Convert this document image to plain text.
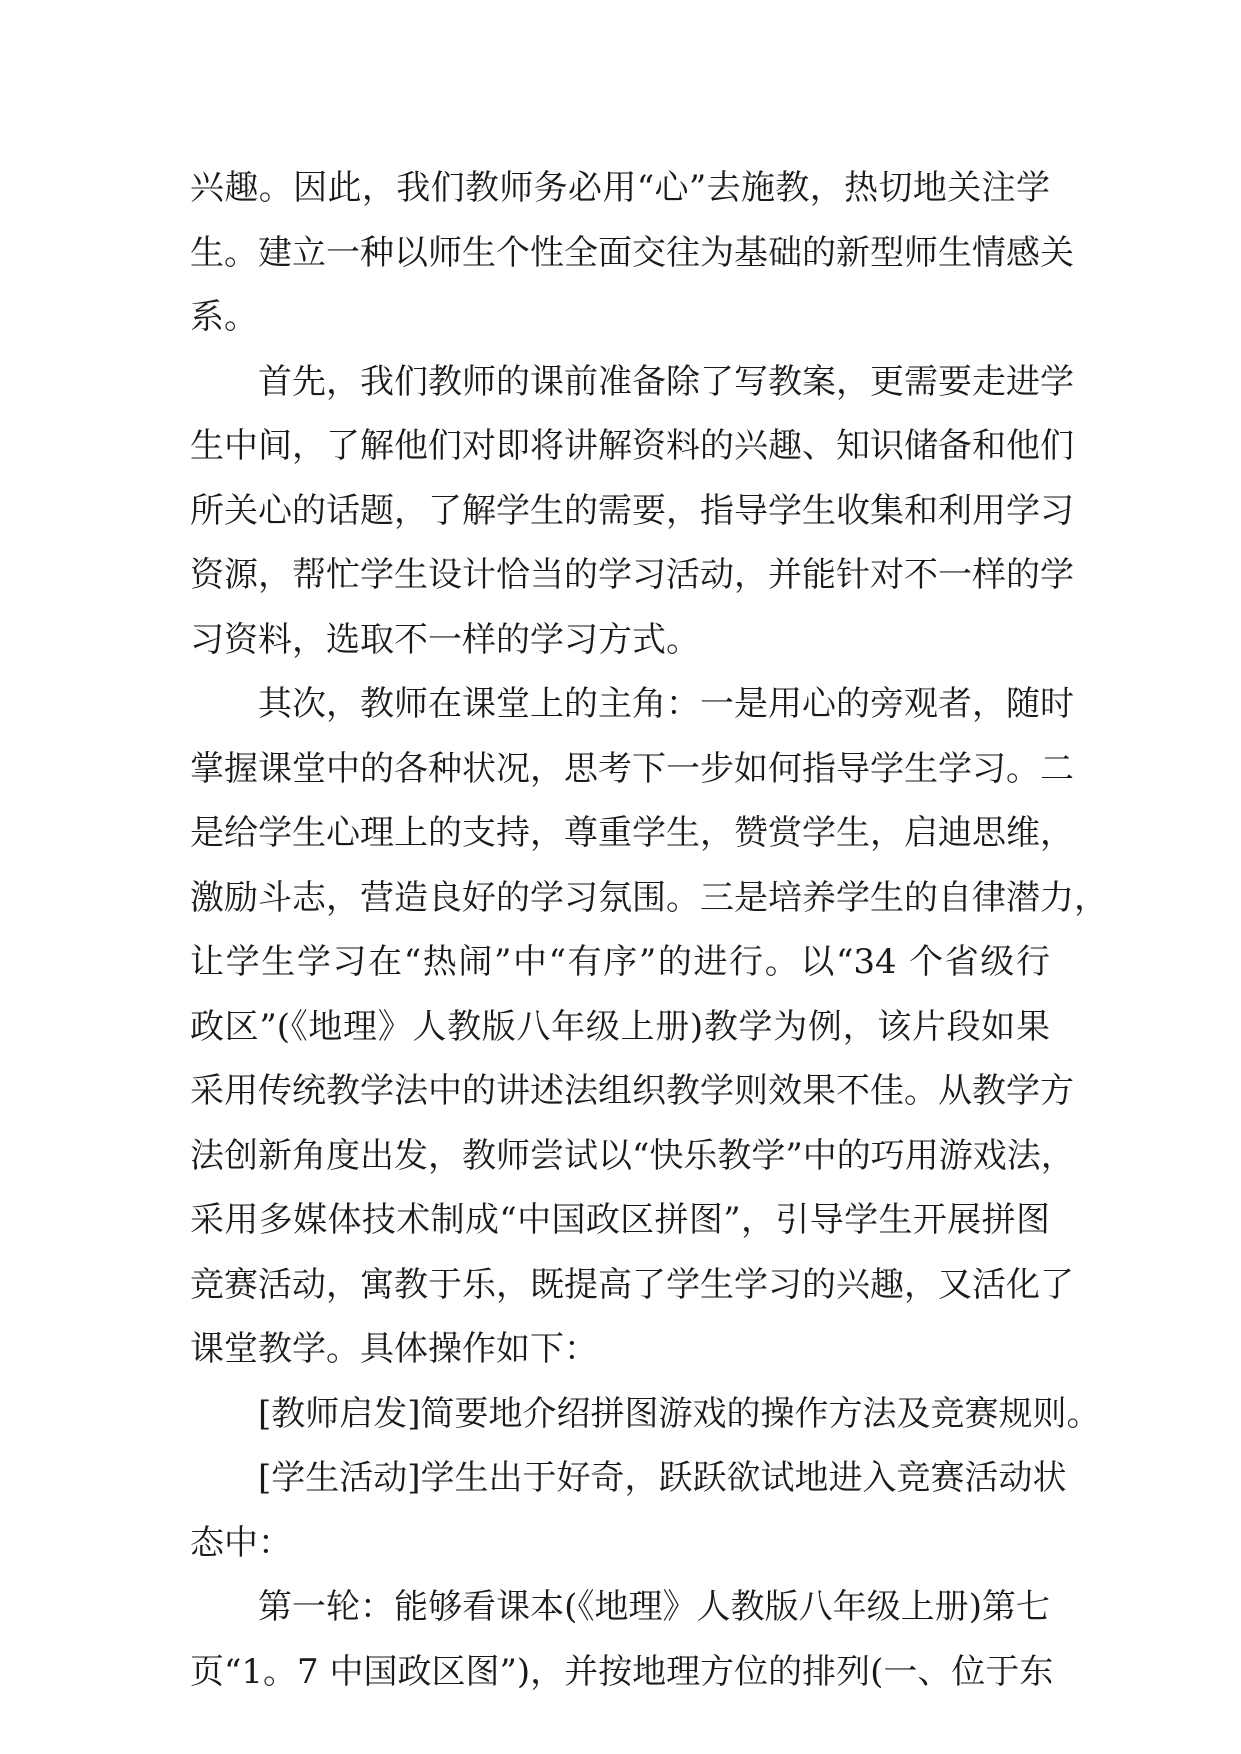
兴趣。因此，我们教师务必用“心”去施教，热切地关注学
生。建立一种以师生个性全面交往为基础的新型师生情感关
系。
首先，我们教师的课前准备除了写教案，更需要走进学
生中间，了解他们对即将讲解资料的兴趣、知识储备和他们
所关心的话题，了解学生的需要，指导学生收集和利用学习
资源，帮忙学生设计恰当的学习活动，并能针对不一样的学
习资料，选取不一样的学习方式。
其次，教师在课堂上的主角：一是用心的旁观者，随时
掌握课堂中的各种状况，思考下一步如何指导学生学习。二
是给学生心理上的支持，尊重学生，赞赏学生，启迪思维，
激励斗志，营造良好的学习氛围。三是培养学生的自律潜力，
让学生学习在“热闹”中“有序”的进行。以“34 个省级行
政区”(《地理》人教版八年级上册)教学为例，该片段如果
采用传统教学法中的讲述法组织教学则效果不佳。从教学方
法创新角度出发，教师尝试以“快乐教学”中的巧用游戏法，
采用多媒体技术制成“中国政区拼图”，引导学生开展拼图
竞赛活动，寓教于乐，既提高了学生学习的兴趣，又活化了
课堂教学。具体操作如下：
[教师启发]简要地介绍拼图游戏的操作方法及竞赛规则。
[学生活动]学生出于好奇，跃跃欲试地进入竞赛活动状
态中：
第一轮：能够看课本(《地理》人教版八年级上册)第七
页“1。7 中国政区图”)，并按地理方位的排列(一、位于东
